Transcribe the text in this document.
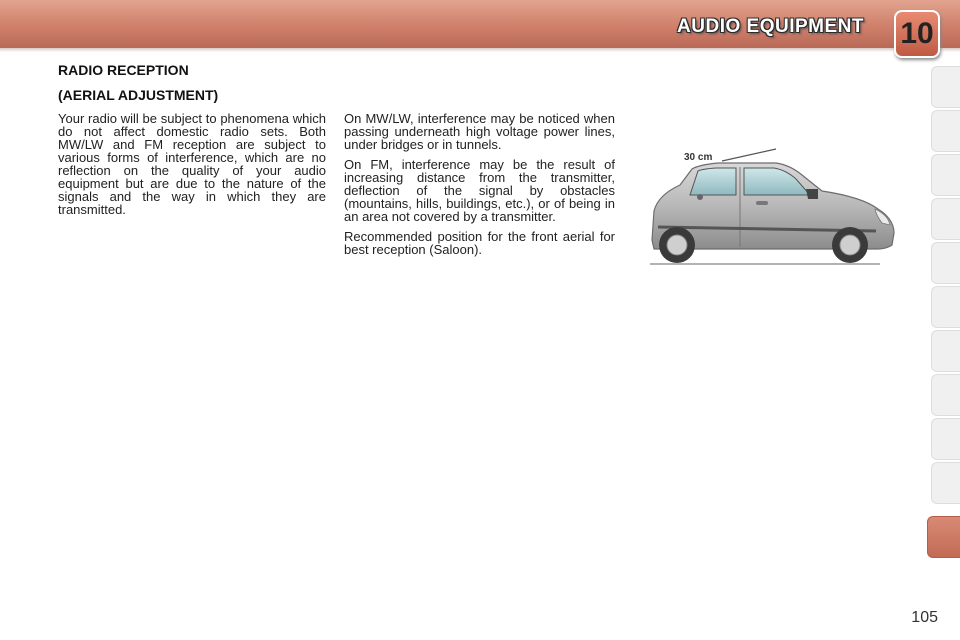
AUDIO EQUIPMENT 10
RADIO RECEPTION
(AERIAL ADJUSTMENT)

Your radio will be subject to phenomena which do not affect domestic radio sets. Both MW/LW and FM reception are subject to various forms of interference, which are no reflection on the quality of your audio equipment but are due to the nature of the signals and the way in which they are transmitted.

On MW/LW, interference may be noticed when passing underneath high voltage power lines, under bridges or in tunnels.

On FM, interference may be the result of increasing distance from the transmitter, deflection of the signal by obstacles (mountains, hills, buildings, etc.), or of being in an area not covered by a transmitter.

Recommended position for the front aerial for best reception (Saloon).

30 cm
105
